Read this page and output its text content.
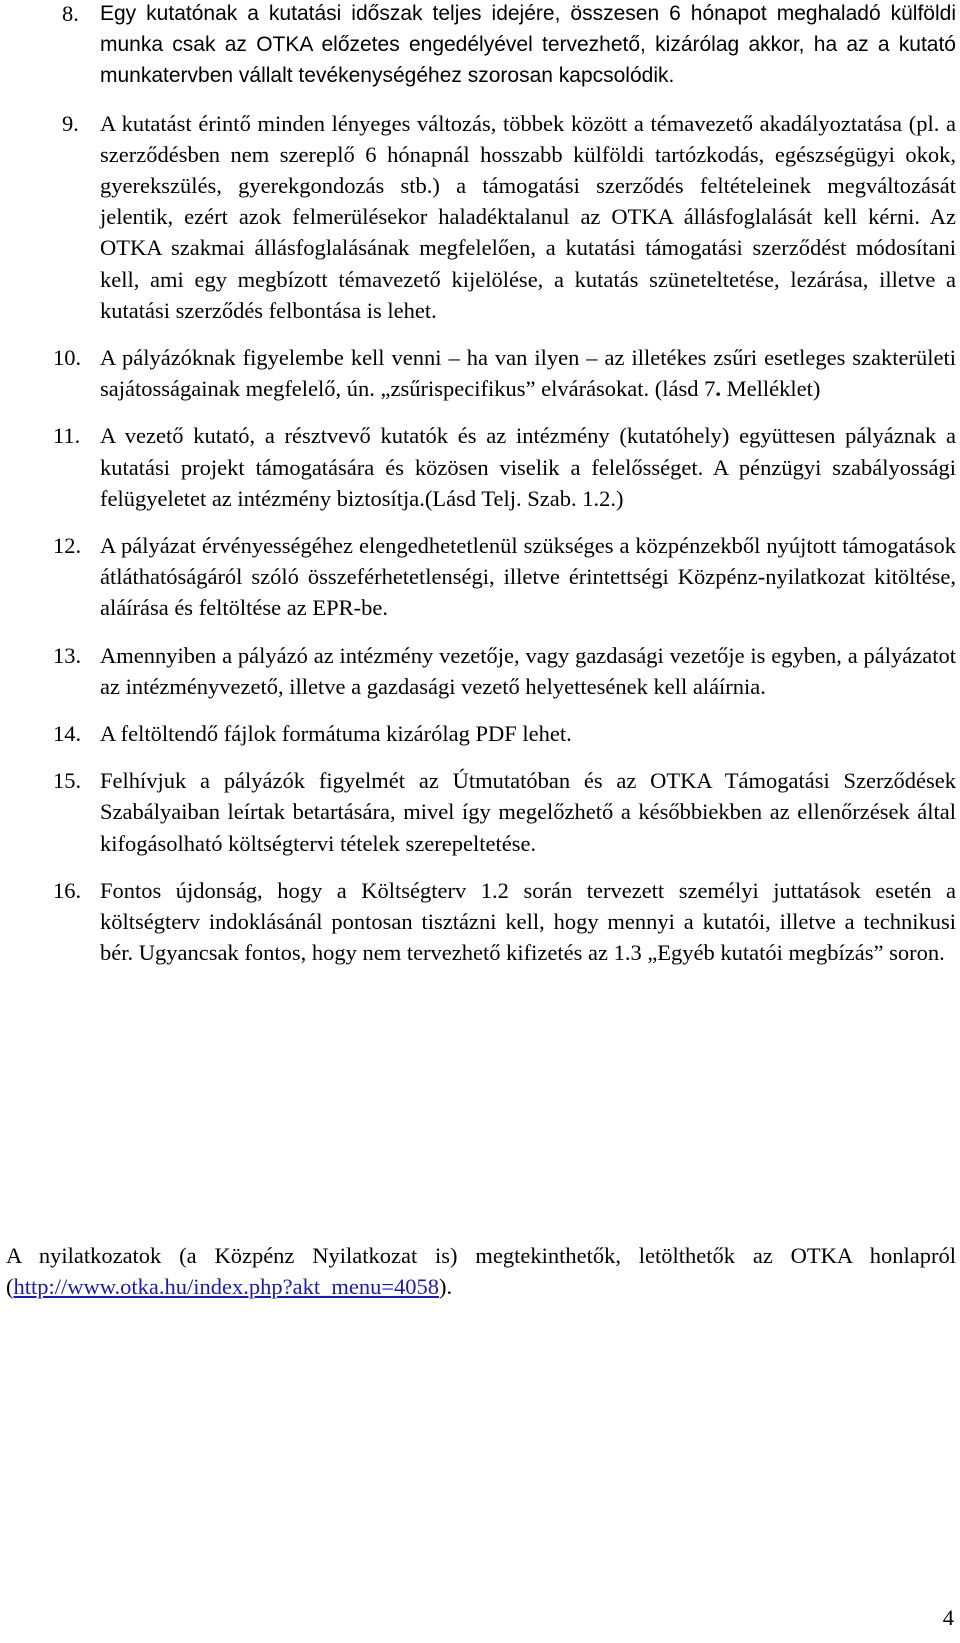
8. Egy kutatónak a kutatási időszak teljes idejére, összesen 6 hónapot meghaladó külföldi munka csak az OTKA előzetes engedélyével tervezhető, kizárólag akkor, ha az a kutató munkatervben vállalt tevékenységéhez szorosan kapcsolódik.
9. A kutatást érintő minden lényeges változás, többek között a témavezető akadályoztatása (pl. a szerződésben nem szereplő 6 hónapnál hosszabb külföldi tartózkodás, egészségügyi okok, gyerekszülés, gyerekgondozás stb.) a támogatási szerződés feltételeinek megváltozását jelentik, ezért azok felmerülésekor haladéktalanul az OTKA állásfoglalását kell kérni. Az OTKA szakmai állásfoglalásának megfelelően, a kutatási támogatási szerződést módosítani kell, ami egy megbízott témavezető kijelölése, a kutatás szüneteltetése, lezárása, illetve a kutatási szerződés felbontása is lehet.
10. A pályázóknak figyelembe kell venni – ha van ilyen – az illetékes zsűri esetleges szakterületi sajátosságainak megfelelő, ún. „zsűrispecifikus” elvárásokat. (lásd 7. Melléklet)
11. A vezető kutató, a résztvevő kutatók és az intézmény (kutatóhely) együttesen pályáznak a kutatási projekt támogatására és közösen viselik a felelősséget. A pénzügyi szabályossági felügyeletet az intézmény biztosítja.(Lásd Telj. Szab. 1.2.)
12. A pályázat érvényességéhez elengedhetetlenül szükséges a közpénzekből nyújtott támogatások átláthatóságáról szóló összeférhetetlenségi, illetve érintettségi Közpénz-nyilatkozat kitöltése, aláírása és feltöltése az EPR-be.
13. Amennyiben a pályázó az intézmény vezetője, vagy gazdasági vezetője is egyben, a pályázatot az intézményvezető, illetve a gazdasági vezető helyettesének kell aláírnia.
14. A feltöltendő fájlok formátuma kizárólag PDF lehet.
15. Felhívjuk a pályázók figyelmét az Útmutatóban és az OTKA Támogatási Szerződések Szabályaiban leírtak betartására, mivel így megelőzhető a későbbiekben az ellenőrzések által kifogásolható költségtervi tételek szerepeltetése.
16. Fontos újdonság, hogy a Költségterv 1.2 során tervezett személyi juttatások esetén a költségterv indoklásánál pontosan tisztázni kell, hogy mennyi a kutatói, illetve a technikusi bér. Ugyancsak fontos, hogy nem tervezhető kifizetés az 1.3 „Egyéb kutatói megbízás” soron.

A nyilatkozatok (a Közpénz Nyilatkozat is) megtekinthetők, letölthetők az OTKA honlapról (http://www.otka.hu/index.php?akt_menu=4058).

4
